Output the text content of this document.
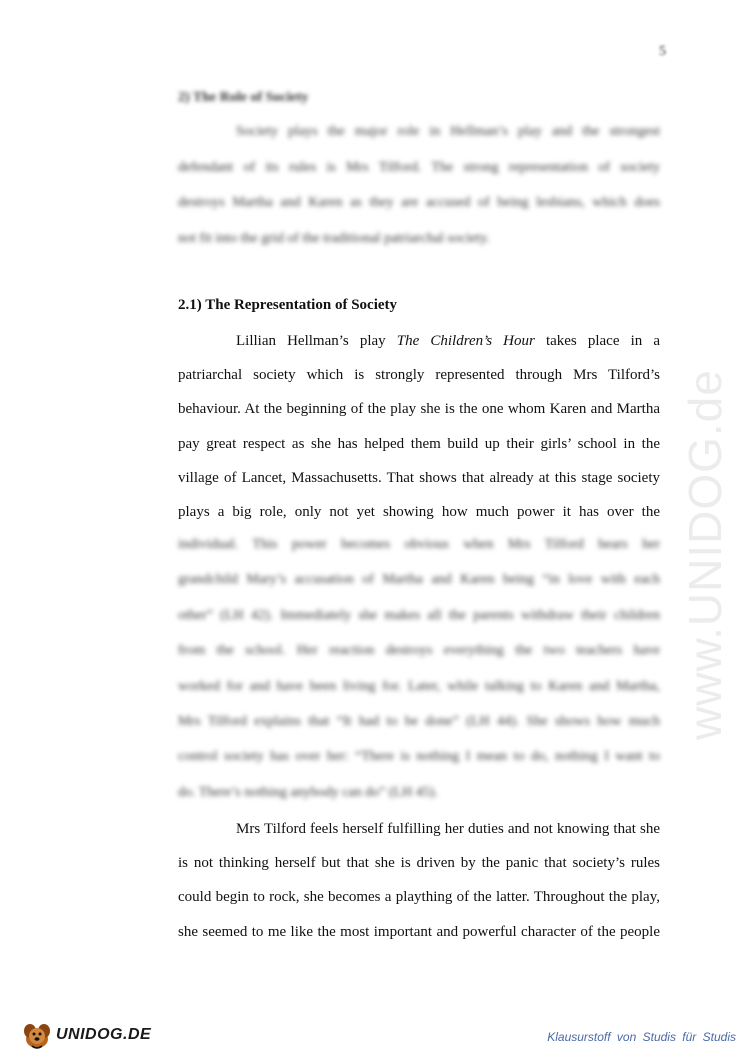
5
www.UNIDOG.de
2) The Role of Society
Society plays the major role in Hellman’s play and the strongest
defendant of its rules is Mrs Tilford. The strong representation of society
destroys Martha and Karen as they are accused of being lesbians, which does
not fit into the grid of the traditional patriarchal society.
2.1) The Representation of Society
Lillian Hellman’s play The Children’s Hour takes place in a
patriarchal society which is strongly represented through Mrs Tilford’s
behaviour. At the beginning of the play she is the one whom Karen and Martha
pay great respect as she has helped them build up their girls’ school in the
village of Lancet, Massachusetts. That shows that already at this stage society
plays a big role, only not yet showing how much power it has over the
individual. This power becomes obvious when Mrs Tilford hears her
grandchild Mary’s accusation of Martha and Karen being “in love with each
other” (LH 42). Immediately she makes all the parents withdraw their children
from the school. Her reaction destroys everything the two teachers have
worked for and have been living for. Later, while talking to Karen and Martha,
Mrs Tilford explains that “It had to be done” (LH 44). She shows how much
control society has over her: “There is nothing I mean to do, nothing I want to
do. There’s nothing anybody can do” (LH 45).
Mrs Tilford feels herself fulfilling her duties and not knowing that she
is not thinking herself but that she is driven by the panic that society’s rules
could begin to rock, she becomes a plaything of the latter. Throughout the play,
she seemed to me like the most important and powerful character of the people
UNIDOG.DE	Klausurstoff von Studis für Studis
